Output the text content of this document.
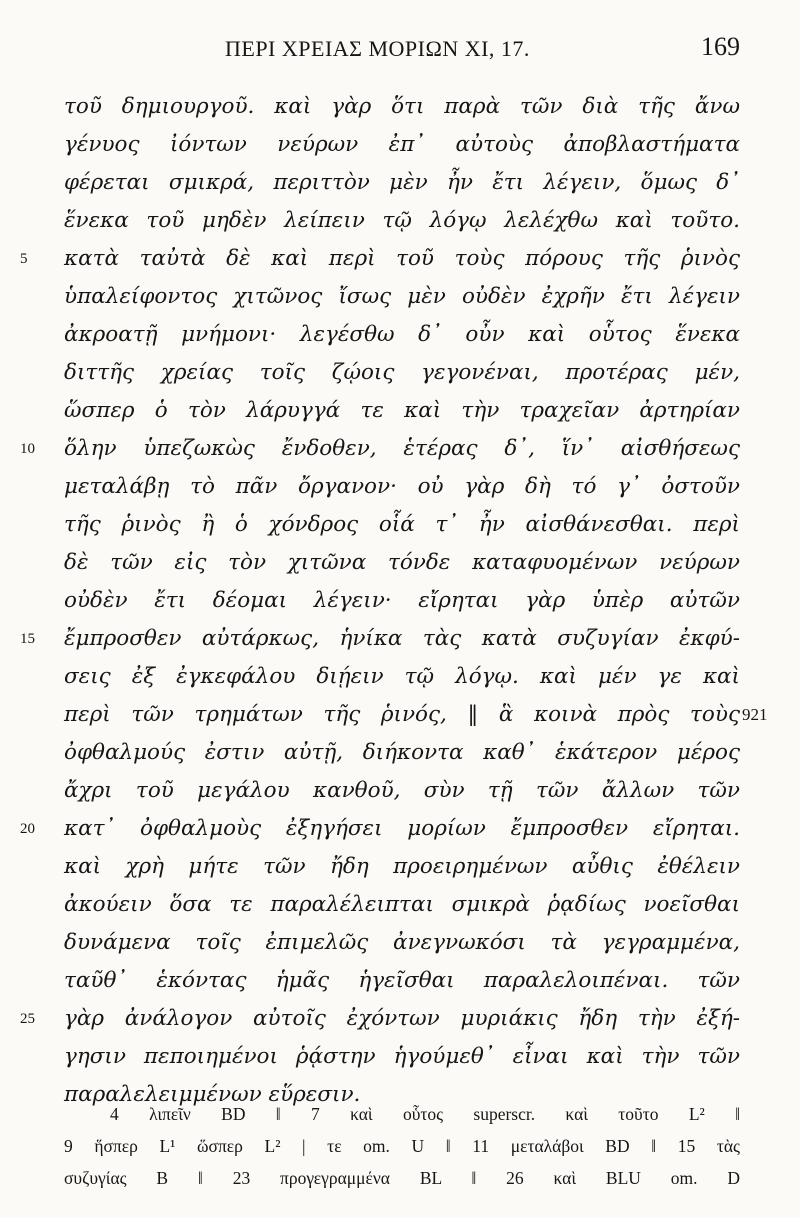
ΠΕΡΙ ΧΡΕΙΑΣ ΜΟΡΙΩΝ XI, 17.	169
τοῦ δημιουργοῦ. καὶ γὰρ ὅτι παρὰ τῶν διὰ τῆς ἄνω
γένυος ἰόντων νεύρων ἐπ᾿ αὐτοὺς ἀποβλαστήματα
φέρεται σμικρά, περιττὸν μὲν ἦν ἔτι λέγειν, ὅμως δ᾿
ἕνεκα τοῦ μηδὲν λείπειν τῷ λόγῳ λελέχθω καὶ τοῦτο.
5	κατὰ ταὐτὰ δὲ καὶ περὶ τοῦ τοὺς πόρους τῆς ῥινὸς
ὑπαλείφοντος χιτῶνος ἴσως μὲν οὐδὲν ἐχρῆν ἔτι λέγειν
ἀκροατῇ μνήμονι· λεγέσθω δ᾿ οὖν καὶ οὗτος ἕνεκα
διττῆς χρείας τοῖς ζῴοις γεγονέναι, προτέρας μέν,
ὥσπερ ὁ τὸν λάρυγγά τε καὶ τὴν τραχεῖαν ἀρτηρίαν
10	ὅλην ὑπεζωκὼς ἔνδοθεν, ἑτέρας δ᾿, ἵν᾿ αἰσθήσεως
μεταλάβῃ τὸ πᾶν ὄργανον· οὐ γὰρ δὴ τό γ᾿ ὀστοῦν
τῆς ῥινὸς ἢ ὁ χόνδρος οἷά τ᾿ ἦν αἰσθάνεσθαι. περὶ
δὲ τῶν εἰς τὸν χιτῶνα τόνδε καταφυομένων νεύρων
οὐδὲν ἔτι δέομαι λέγειν· εἴρηται γὰρ ὑπὲρ αὐτῶν
15	ἔμπροσθεν αὐτάρκως, ἡνίκα τὰς κατὰ συζυγίαν ἐκφύ-
σεις ἐξ ἐγκεφάλου διῄειν τῷ λόγῳ. καὶ μέν γε καὶ
περὶ τῶν τρημάτων τῆς ῥινός, ‖ ἃ κοινὰ πρὸς τοὺς 921
ὀφθαλμούς ἐστιν αὐτῇ, διήκοντα καθ᾿ ἑκάτερον μέρος
ἄχρι τοῦ μεγάλου κανθοῦ, σὺν τῇ τῶν ἄλλων τῶν
20	κατ᾿ ὀφθαλμοὺς ἐξηγήσει μορίων ἔμπροσθεν εἴρηται.
καὶ χρὴ μήτε τῶν ἤδη προειρημένων αὖθις ἐθέλειν
ἀκούειν ὅσα τε παραλέλειπται σμικρὰ ῥᾳδίως νοεῖσθαι
δυνάμενα τοῖς ἐπιμελῶς ἀνεγνωκόσι τὰ γεγραμμένα,
ταῦθ᾿ ἑκόντας ἡμᾶς ἡγεῖσθαι παραλελοιπέναι. τῶν
25	γὰρ ἀνάλογον αὐτοῖς ἐχόντων μυριάκις ἤδη τὴν ἐξή-
γησιν πεποιημένοι ῥᾴστην ἡγούμεθ᾿ εἶναι καὶ τὴν τῶν
παραλελειμμένων εὕρεσιν.
4 λιπεῖν BD ‖ 7 καὶ οὗτος superscr. καὶ τοῦτο L² ‖
9 ἥσπερ L¹ ὥσπερ L² | τε om. U ‖ 11 μεταλάβοι BD ‖ 15 τὰς
συζυγίας B ‖ 23 προγεγραμμένα BL ‖ 26 καὶ BLU om. D
